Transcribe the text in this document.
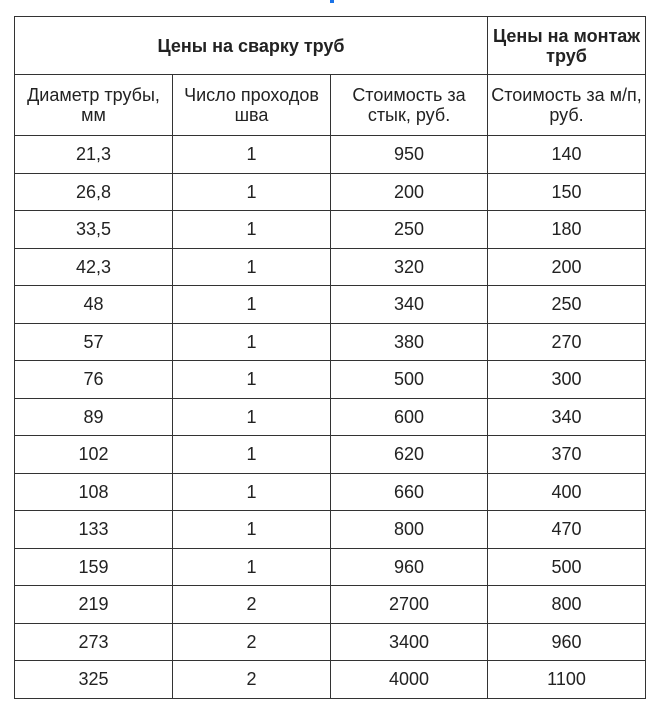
Цены на сварку труб			Цены на монтаж труб
Диаметр трубы, мм	Число проходов шва	Стоимость за стык, руб.	Стоимость за м/п, руб.
21,3	1	950	140
26,8	1	200	150
33,5	1	250	180
42,3	1	320	200
48	1	340	250
57	1	380	270
76	1	500	300
89	1	600	340
102	1	620	370
108	1	660	400
133	1	800	470
159	1	960	500
219	2	2700	800
273	2	3400	960
325	2	4000	1100
